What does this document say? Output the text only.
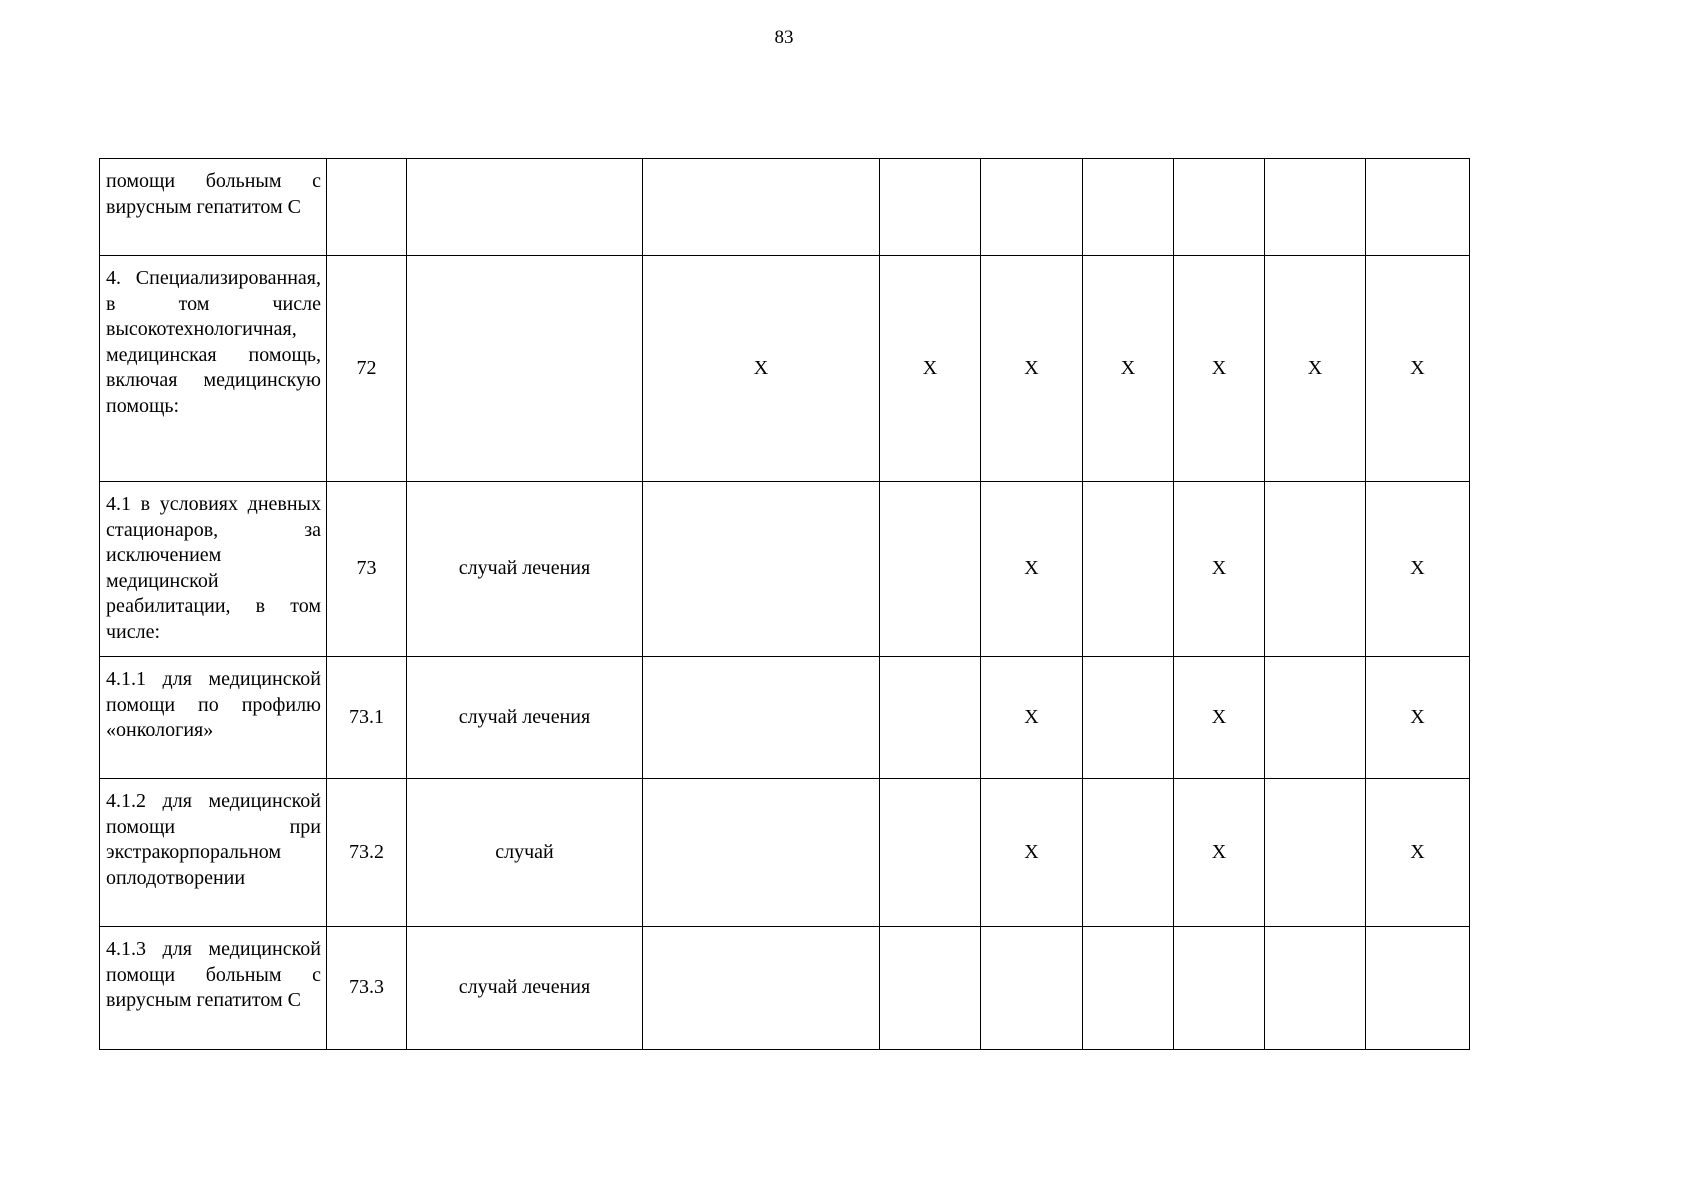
83
помощи больным с вирусным гепатитом С									

4. Специализированная, в том числе высокотехнологичная, медицинская помощь, включая медицинскую помощь:	72		Х	Х	Х	Х	Х	Х	Х

4.1 в условиях дневных стационаров, за исключением медицинской реабилитации, в том числе:	73	случай лечения			Х		Х		Х

4.1.1 для медицинской помощи по профилю «онкология»	73.1	случай лечения			Х		Х		Х

4.1.2 для медицинской помощи при экстракорпоральном оплодотворении	73.2	случай			Х		Х		Х

4.1.3 для медицинской помощи больным с вирусным гепатитом С	73.3	случай лечения							
